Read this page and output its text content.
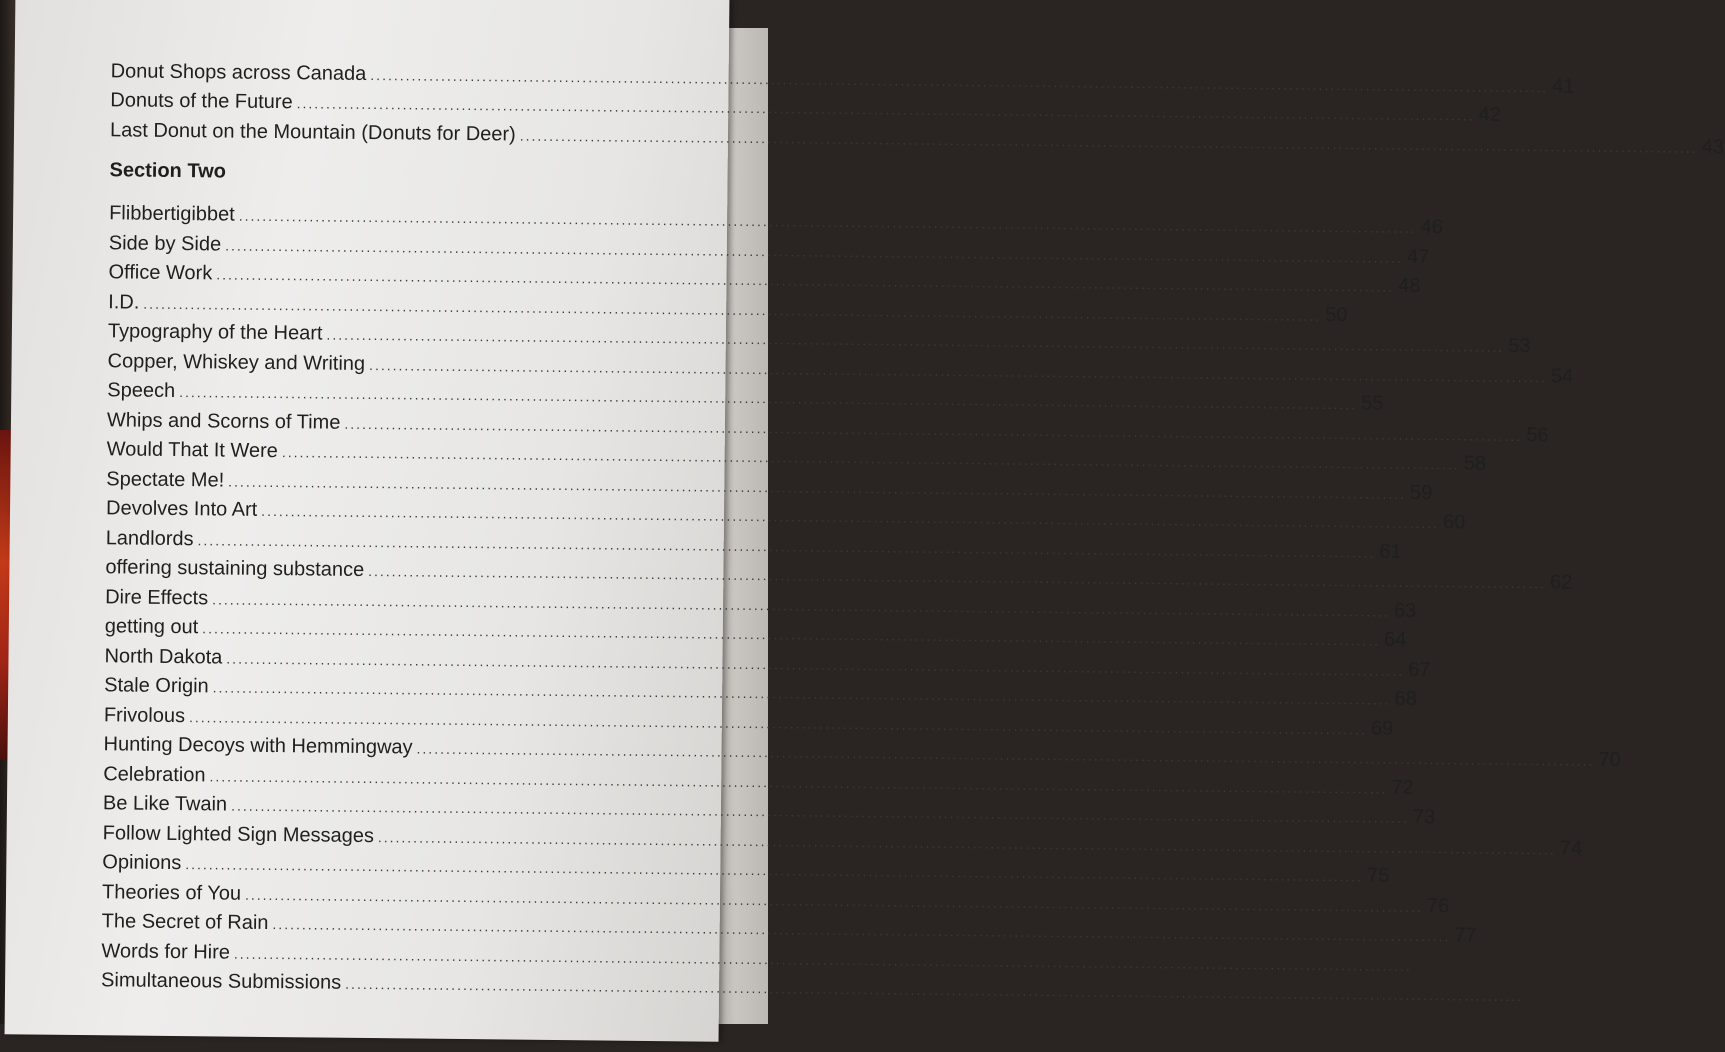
Donut Shops across Canada ........................................................................................................................................................................................................ 41
Donuts of the Future ........................................................................................................................................................................................................ 42
Last Donut on the Mountain (Donuts for Deer) ........................................................................................................................................................................................................ 43
Section Two
Flibbertigibbet ........................................................................................................................................................................................................ 46
Side by Side ........................................................................................................................................................................................................ 47
Office Work ........................................................................................................................................................................................................ 48
I.D. ........................................................................................................................................................................................................ 50
Typography of the Heart ........................................................................................................................................................................................................ 53
Copper, Whiskey and Writing ........................................................................................................................................................................................................ 54
Speech ........................................................................................................................................................................................................ 55
Whips and Scorns of Time ........................................................................................................................................................................................................ 56
Would That It Were ........................................................................................................................................................................................................ 58
Spectate Me! ........................................................................................................................................................................................................ 59
Devolves Into Art ........................................................................................................................................................................................................ 60
Landlords ........................................................................................................................................................................................................ 61
offering sustaining substance ........................................................................................................................................................................................................ 62
Dire Effects ........................................................................................................................................................................................................ 63
getting out ........................................................................................................................................................................................................ 64
North Dakota ........................................................................................................................................................................................................ 67
Stale Origin ........................................................................................................................................................................................................ 68
Frivolous ........................................................................................................................................................................................................ 69
Hunting Decoys with Hemmingway ........................................................................................................................................................................................................ 70
Celebration ........................................................................................................................................................................................................ 72
Be Like Twain ........................................................................................................................................................................................................ 73
Follow Lighted Sign Messages ........................................................................................................................................................................................................ 74
Opinions ........................................................................................................................................................................................................ 75
Theories of You ........................................................................................................................................................................................................ 76
The Secret of Rain ........................................................................................................................................................................................................ 77
Words for Hire ........................................................................................................................................................................................................
Simultaneous Submissions ........................................................................................................................................................................................................
